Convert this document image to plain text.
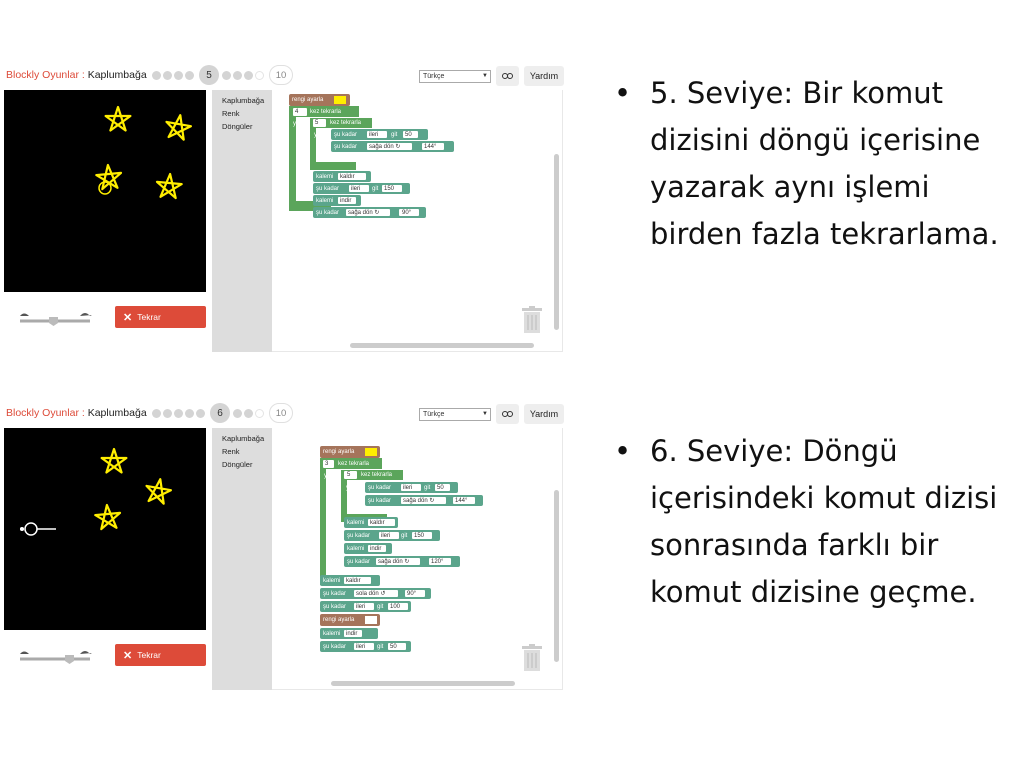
Blockly Oyunlar : Kaplumbağa	5	10	Türkçe	▼	Yardım
✕ Tekrar
Kaplumbağa
Renk
Döngüler
rengi ayarla
4 kez tekrarla
yap 5 kez tekrarla
yap şu kadar ileri git 50
şu kadar sağa dön ↻	144°
kalemi kaldır
şu kadar ileri git 150
kalemi indir
şu kadar sağa dön ↻	90°
Blockly Oyunlar : Kaplumbağa	6	10	Türkçe	▼	Yardım
✕ Tekrar
Kaplumbağa
Renk
Döngüler
rengi ayarla
3 kez tekrarla
yap 5 kez tekrarla
yap şu kadar ileri git 50
şu kadar sağa dön ↻	144°
kalemi kaldır
şu kadar ileri git 150
kalemi indir
şu kadar sağa dön ↻	120°
kalemi kaldır
şu kadar sola dön ↺	90°
şu kadar ileri git 100
rengi ayarla
kalemi indir
şu kadar ileri git 50
• 5. Seviye: Bir komut dizisini döngü içerisine yazarak aynı işlemi birden fazla tekrarlama.
• 6. Seviye: Döngü içerisindeki komut dizisi sonrasında farklı bir komut dizisine geçme.
